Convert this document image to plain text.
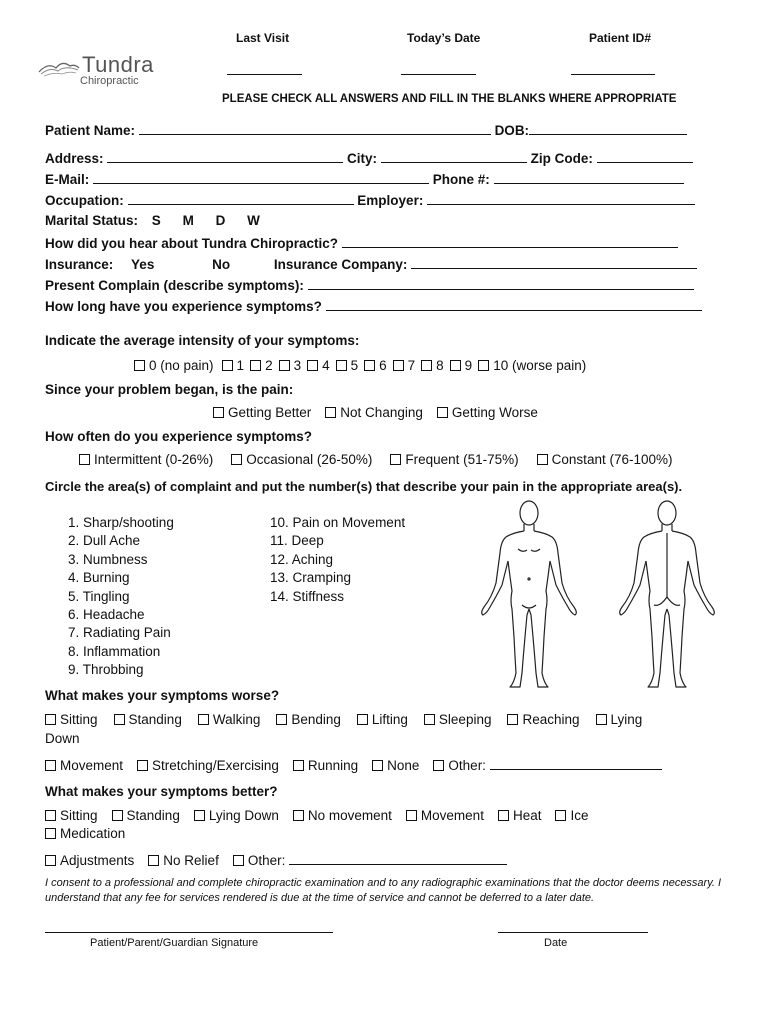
Tundra
Chiropractic
Last Visit	Today’s Date	Patient ID#
PLEASE CHECK ALL ANSWERS AND FILL IN THE BLANKS WHERE APPROPRIATE
Patient Name:	DOB:
Address:	City:	Zip Code:
E-Mail:	Phone #:
Occupation:	Employer:
Marital Status: S M D W
How did you hear about Tundra Chiropractic?
Insurance: Yes	No	Insurance Company:
Present Complain (describe symptoms):
How long have you experience symptoms?
Indicate the average intensity of your symptoms:
0 (no pain) 1 2 3 4 5 6 7 8 9 10 (worse pain)
Since your problem began, is the pain:
Getting Better Not Changing Getting Worse
How often do you experience symptoms?
Intermittent (0-26%) Occasional (26-50%) Frequent (51-75%) Constant (76-100%)
Circle the area(s) of complaint and put the number(s) that describe your pain in the appropriate area(s).
1. Sharp/shooting
2. Dull Ache
3. Numbness
4. Burning
5. Tingling
6. Headache
7. Radiating Pain
8. Inflammation
9. Throbbing
10. Pain on Movement
11. Deep
12. Aching
13. Cramping
14. Stiffness
What makes your symptoms worse?
Sitting Standing Walking Bending Lifting Sleeping Reaching Lying
Down
Movement Stretching/Exercising Running None Other:
What makes your symptoms better?
Sitting Standing Lying Down No movement Movement Heat Ice
Medication
Adjustments No Relief Other:
I consent to a professional and complete chiropractic examination and to any radiographic examinations that the doctor deems necessary. I understand that any fee for services rendered is due at the time of service and cannot be deferred to a later date.
Patient/Parent/Guardian Signature	Date
